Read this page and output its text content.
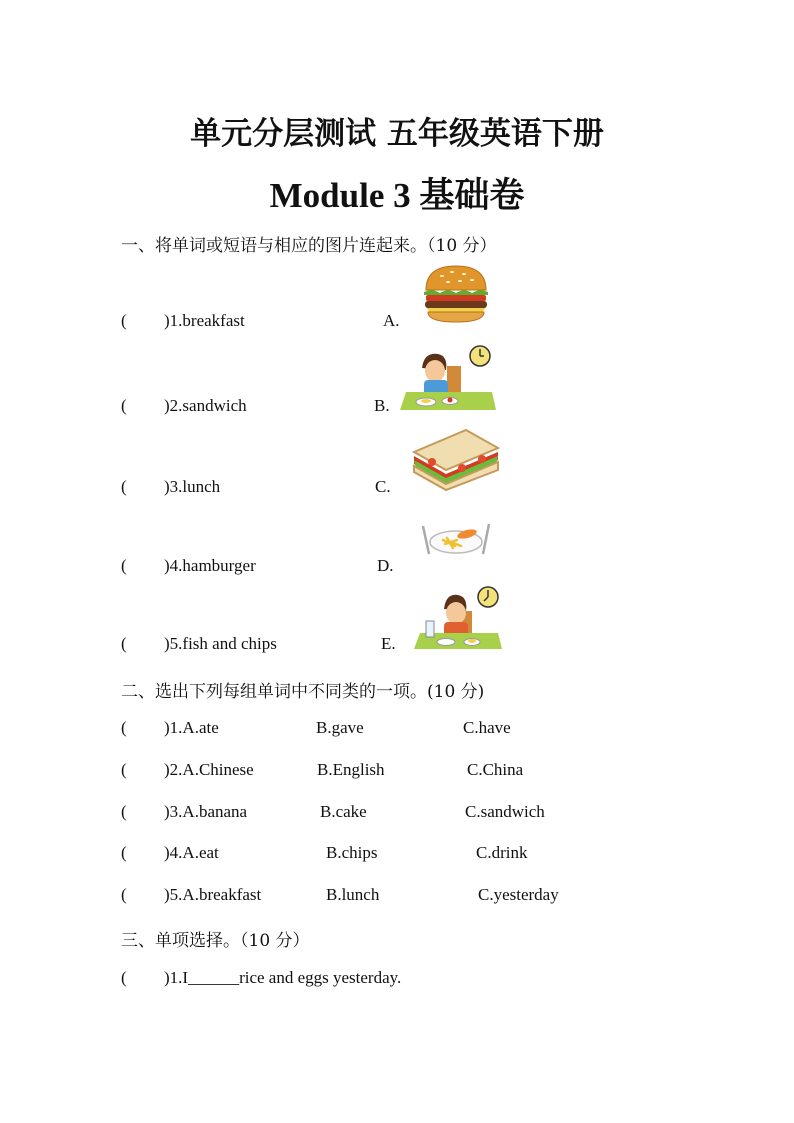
单元分层测试 五年级英语下册
Module 3 基础卷
一、将单词或短语与相应的图片连起来。（10 分）
( )1.breakfast	A.
( )2.sandwich	B.
( )3.lunch	C.
( )4.hamburger	D.
( )5.fish and chips	E.
二、选出下列每组单词中不同类的一项。(10 分)
( )1.A.ate	B.gave	C.have
( )2.A.Chinese	B.English	C.China
( )3.A.banana	B.cake	C.sandwich
( )4.A.eat	B.chips	C.drink
( )5.A.breakfast	B.lunch	C.yesterday
三、单项选择。（10 分）
( )1.I______rice and eggs yesterday.
